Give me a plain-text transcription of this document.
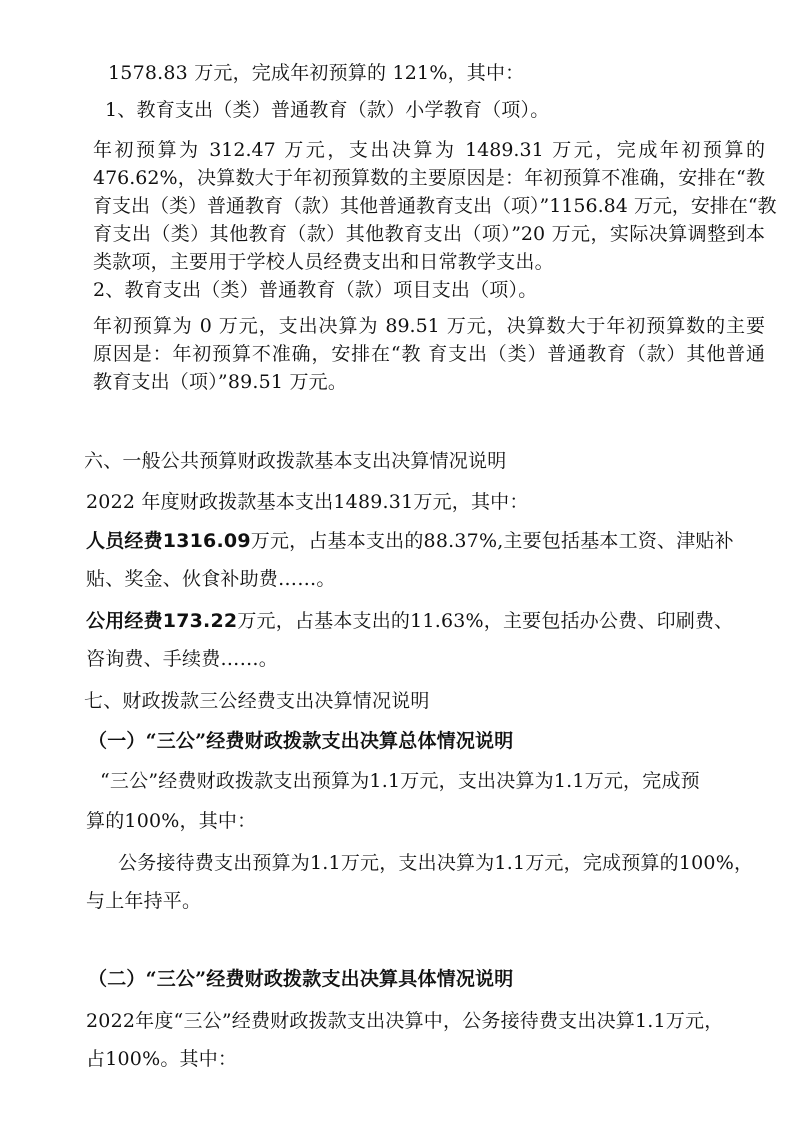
1578.83 万元，完成年初预算的 121%，其中：
1、教育支出（类）普通教育（款）小学教育（项）。
年初预算为 312.47 万元，支出决算为 1489.31 万元，完成年初预算的
476.62%，决算数大于年初预算数的主要原因是：年初预算不准确，安排在“教
育支出（类）普通教育（款）其他普通教育支出（项）”1156.84 万元，安排在“教
育支出（类）其他教育（款）其他教育支出（项）”20 万元，实际决算调整到本
类款项，主要用于学校人员经费支出和日常教学支出。
2、教育支出（类）普通教育（款）项目支出（项）。
年初预算为 0 万元，支出决算为 89.51 万元，决算数大于年初预算数的主要
原因是：年初预算不准确，安排在“教 育支出（类）普通教育（款）其他普通
教育支出（项）”89.51 万元。
六、一般公共预算财政拨款基本支出决算情况说明
2022 年度财政拨款基本支出1489.31万元，其中：
人员经费1316.09万元，占基本支出的88.37%,主要包括基本工资、津贴补
贴、奖金、伙食补助费……。
公用经费173.22万元，占基本支出的11.63%，主要包括办公费、印刷费、
咨询费、手续费……。
七、财政拨款三公经费支出决算情况说明
（一）“三公”经费财政拨款支出决算总体情况说明
“三公”经费财政拨款支出预算为1.1万元，支出决算为1.1万元，完成预
算的100%，其中：
公务接待费支出预算为1.1万元，支出决算为1.1万元，完成预算的100%，
与上年持平。
（二）“三公”经费财政拨款支出决算具体情况说明
2022年度“三公”经费财政拨款支出决算中，公务接待费支出决算1.1万元，
占100%。其中：
